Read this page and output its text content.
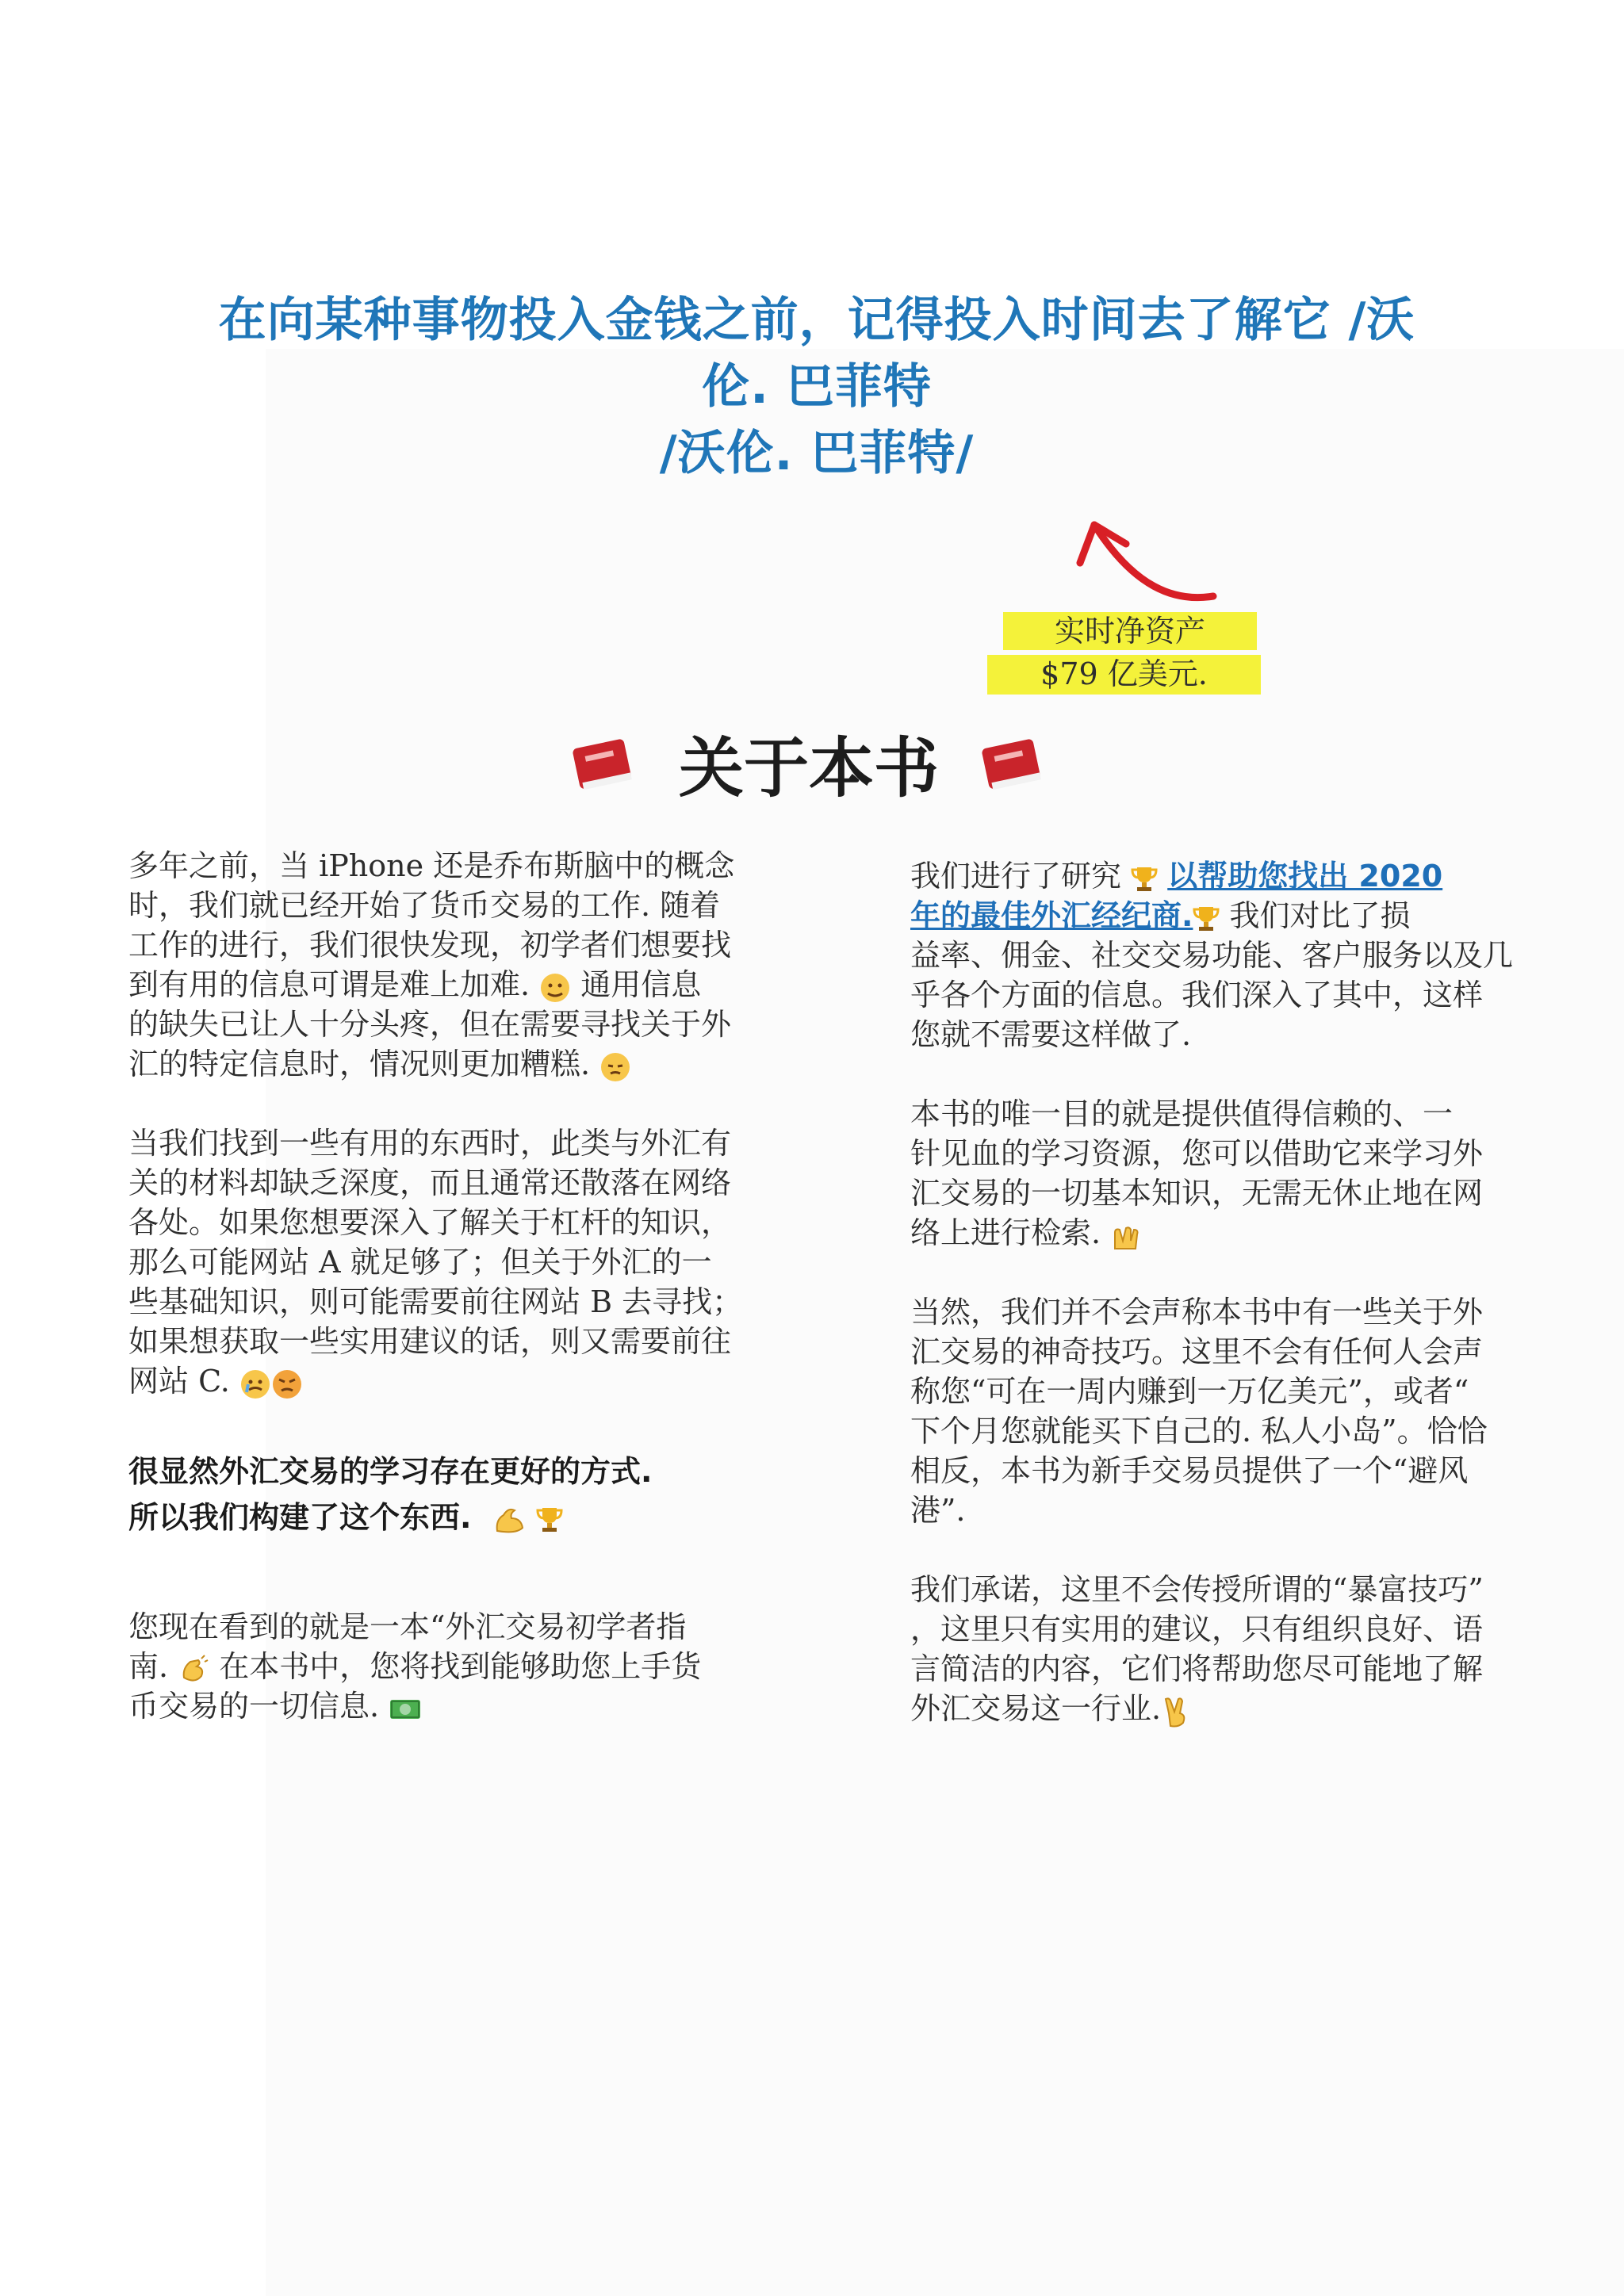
在向某种事物投入金钱之前，记得投入时间去了解它 /沃
伦. 巴菲特
/沃伦. 巴菲特/
实时净资产
$79 亿美元.
关于本书

多年之前，当 iPhone 还是乔布斯脑中的概念
时，我们就已经开始了货币交易的工作. 随着
工作的进行，我们很快发现，初学者们想要找
到有用的信息可谓是难上加难.  通用信息
的缺失已让人十分头疼，但在需要寻找关于外
汇的特定信息时，情况则更加糟糕.

当我们找到一些有用的东西时，此类与外汇有
关的材料却缺乏深度，而且通常还散落在网络
各处。如果您想要深入了解关于杠杆的知识，
那么可能网站 A 就足够了；但关于外汇的一
些基础知识，则可能需要前往网站 B 去寻找；
如果想获取一些实用建议的话，则又需要前往
网站 C.

很显然外汇交易的学习存在更好的方式.

所以我们构建了这个东西.

您现在看到的就是一本“外汇交易初学者指
南.  在本书中，您将找到能够助您上手货
币交易的一切信息.

我们进行了研究 以帮助您找出 2020
年的最佳外汇经纪商. 我们对比了损
益率、佣金、社交交易功能、客户服务以及几
乎各个方面的信息。我们深入了其中，这样
您就不需要这样做了.

本书的唯一目的就是提供值得信赖的、一
针见血的学习资源，您可以借助它来学习外
汇交易的一切基本知识，无需无休止地在网
络上进行检索.

当然，我们并不会声称本书中有一些关于外
汇交易的神奇技巧。这里不会有任何人会声
称您“可在一周内赚到一万亿美元”，或者“
下个月您就能买下自己的. 私人小岛”。恰恰
相反，本书为新手交易员提供了一个“避风
港”.

我们承诺，这里不会传授所谓的“暴富技巧”
，这里只有实用的建议，只有组织良好、语
言简洁的内容，它们将帮助您尽可能地了解
外汇交易这一行业.
